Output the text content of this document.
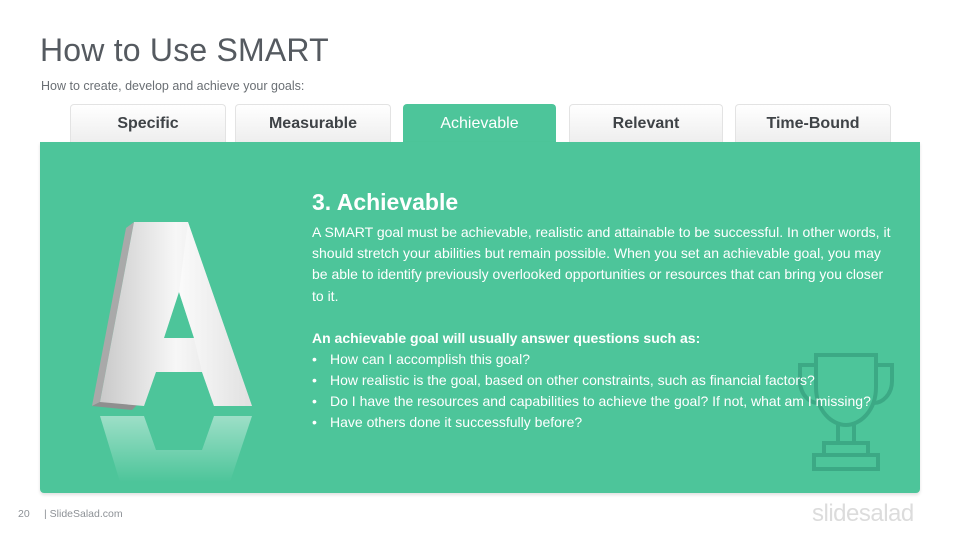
How to Use SMART
How to create, develop and achieve your goals:
Specific	Measurable	Achievable	Relevant	Time-Bound
3. Achievable

A SMART goal must be achievable, realistic and attainable to be successful. In other words, it should stretch your abilities but remain possible. When you set an achievable goal, you may be able to identify previously overlooked opportunities or resources that can bring you closer to it.

An achievable goal will usually answer questions such as:
• How can I accomplish this goal?
• How realistic is the goal, based on other constraints, such as financial factors?
• Do I have the resources and capabilities to achieve the goal? If not, what am I missing?
• Have others done it successfully before?
20 | SlideSalad.com	slidesalad
